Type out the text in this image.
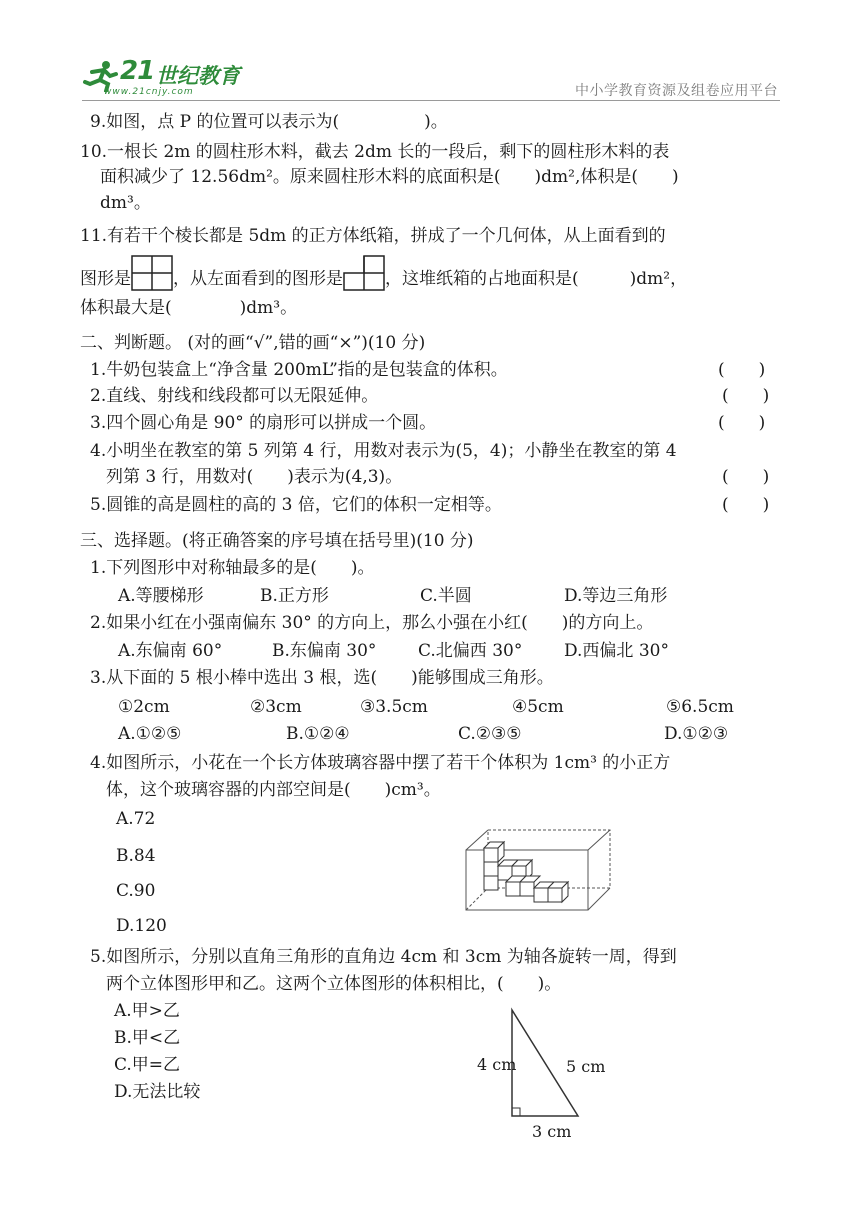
21 世纪教育
www.21cnjy.com	中小学教育资源及组卷应用平台
9.如图，点 P 的位置可以表示为(　　　　　)。
10.一根长 2m 的圆柱形木料，截去 2dm 长的一段后，剩下的圆柱形木料的表
面积减少了 12.56dm²。原来圆柱形木料的底面积是(　　)dm²,体积是(　　)
dm³。
11.有若干个棱长都是 5dm 的正方体纸箱，拼成了一个几何体，从上面看到的
图形是 ，从左面看到的图形是 ，这堆纸箱的占地面积是(　　　)dm²，
体积最大是(　　　　)dm³。
二、判断题。 (对的画“√”,错的画“×”)(10 分)
1.牛奶包装盒上“净含量 200mL”指的是包装盒的体积。	(　　)
2.直线、射线和线段都可以无限延伸。	(　　)
3.四个圆心角是 90° 的扇形可以拼成一个圆。	(　　)
4.小明坐在教室的第 5 列第 4 行，用数对表示为(5，4)；小静坐在教室的第 4
列第 3 行，用数对(　　)表示为(4,3)。	(　　)
5.圆锥的高是圆柱的高的 3 倍，它们的体积一定相等。	(　　)
三、选择题。(将正确答案的序号填在括号里)(10 分)
1.下列图形中对称轴最多的是(　　)。
A.等腰梯形	B.正方形	C.半圆	D.等边三角形
2.如果小红在小强南偏东 30° 的方向上，那么小强在小红(　　)的方向上。
A.东偏南 60°	B.东偏南 30° C.北偏西 30° D.西偏北 30°
3.从下面的 5 根小棒中选出 3 根，选(　　)能够围成三角形。
①2cm	②3cm	③3.5cm	④5cm	⑤6.5cm
A.①②⑤	B.①②④	C.②③⑤	D.①②③
4.如图所示，小花在一个长方体玻璃容器中摆了若干个体积为 1cm³ 的小正方
体，这个玻璃容器的内部空间是(　　)cm³。
A.72
B.84
C.90
D.120
5.如图所示，分别以直角三角形的直角边 4cm 和 3cm 为轴各旋转一周，得到
两个立体图形甲和乙。这两个立体图形的体积相比，(　　)。
A.甲>乙
B.甲<乙
C.甲=乙
D.无法比较
4 cm	5 cm
3 cm
